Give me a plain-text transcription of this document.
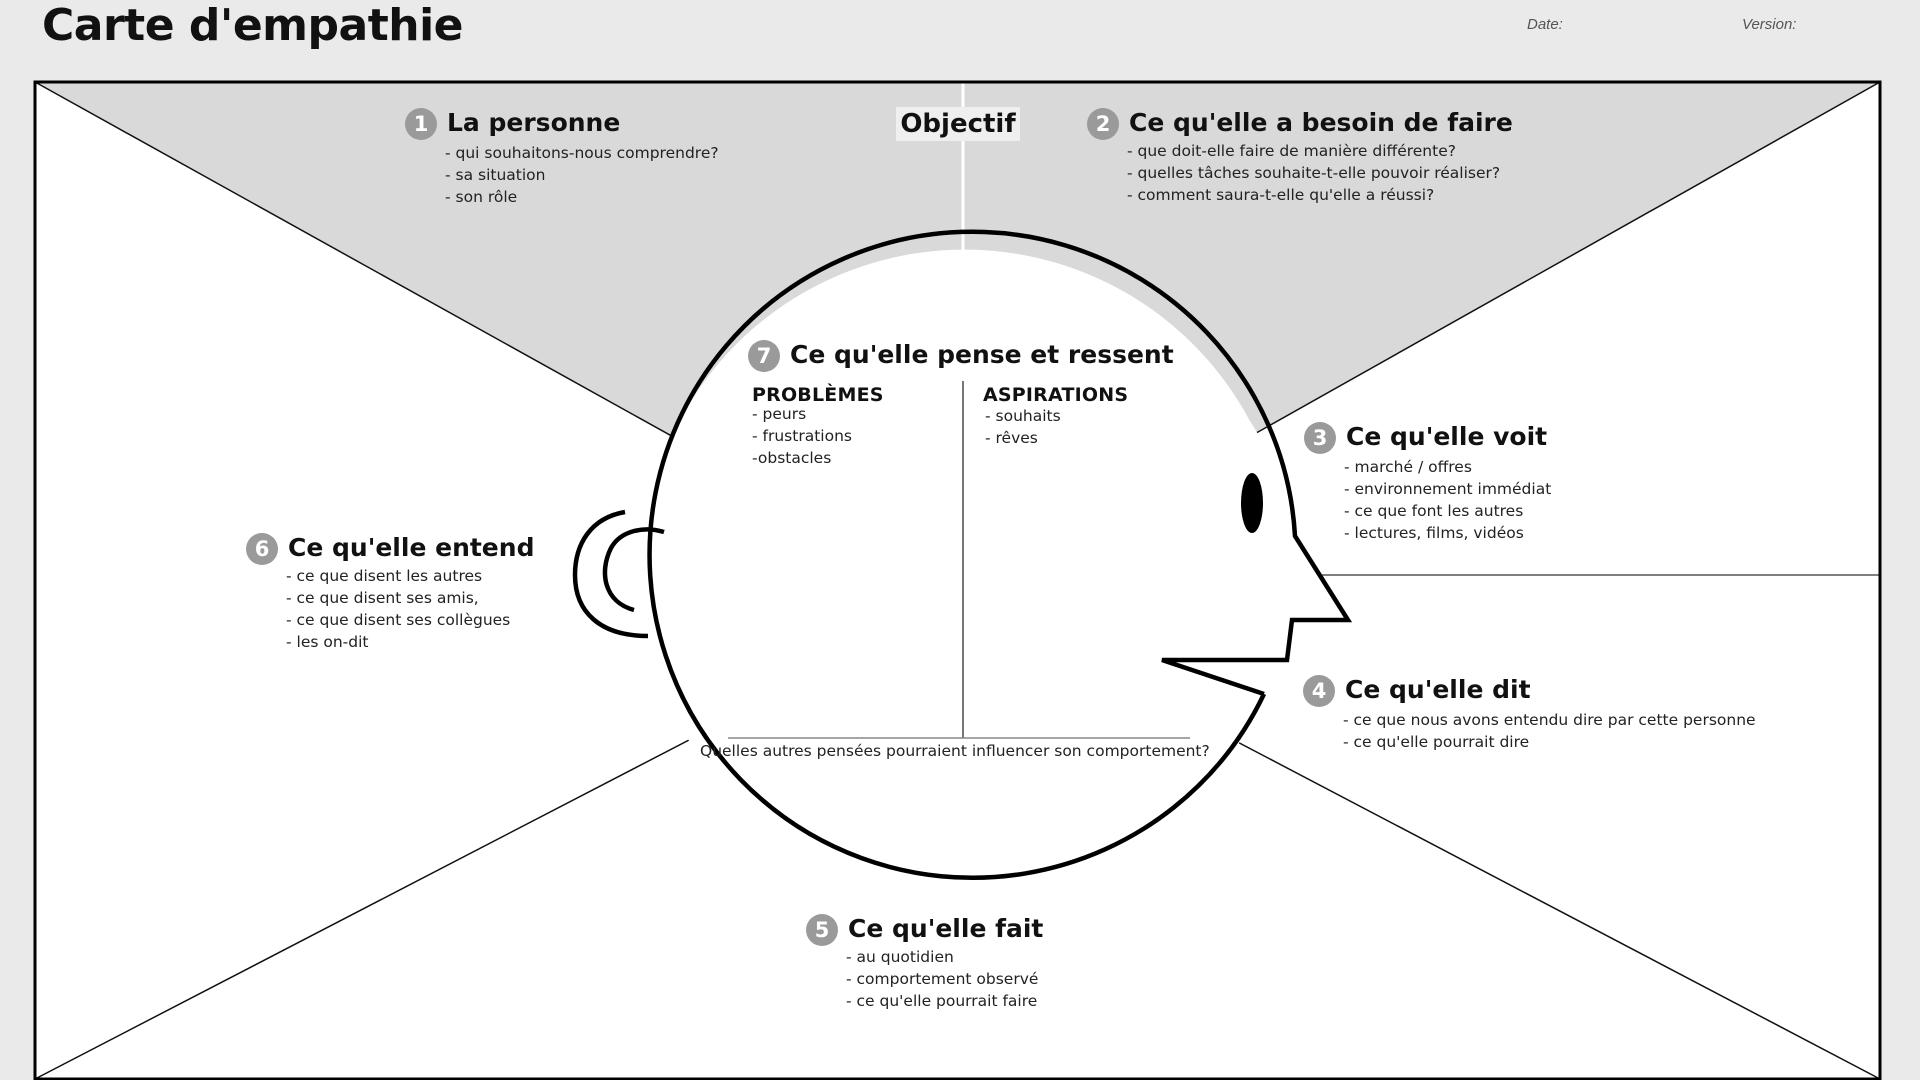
Carte d'empathie	Date:	Version:
Objectif
1 La personne
- qui souhaitons-nous comprendre?
- sa situation
- son rôle
2 Ce qu'elle a besoin de faire
- que doit-elle faire de manière différente?
- quelles tâches souhaite-t-elle pouvoir réaliser?
- comment saura-t-elle qu'elle a réussi?
7 Ce qu'elle pense et ressent
PROBLÈMES
- peurs
- frustrations
-obstacles
ASPIRATIONS
- souhaits
- rêves
Quelles autres pensées pourraient influencer son comportement?
3 Ce qu'elle voit
- marché / offres
- environnement immédiat
- ce que font les autres
- lectures, films, vidéos
6 Ce qu'elle entend
- ce que disent les autres
- ce que disent ses amis,
- ce que disent ses collègues
- les on-dit
4 Ce qu'elle dit
- ce que nous avons entendu dire par cette personne
- ce qu'elle pourrait dire
5 Ce qu'elle fait
- au quotidien
- comportement observé
- ce qu'elle pourrait faire
